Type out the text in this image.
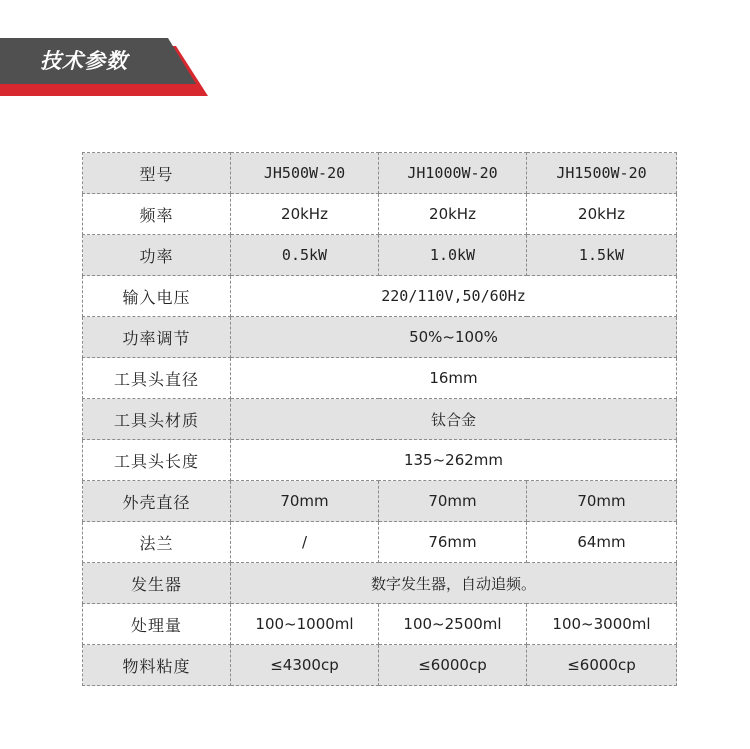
技术参数
型号	JH500W-20	JH1000W-20	JH1500W-20
频率	20kHz	20kHz	20kHz
功率	0.5kW	1.0kW	1.5kW
输入电压	220/110V,50/60Hz		
功率调节	50%~100%		
工具头直径	16mm		
工具头材质	钛合金		
工具头长度	135~262mm		
外壳直径	70mm	70mm	70mm
法兰	/	76mm	64mm
发生器	数字发生器，自动追频。		
处理量	100~1000ml	100~2500ml	100~3000ml
物料粘度	≤4300cp	≤6000cp	≤6000cp
